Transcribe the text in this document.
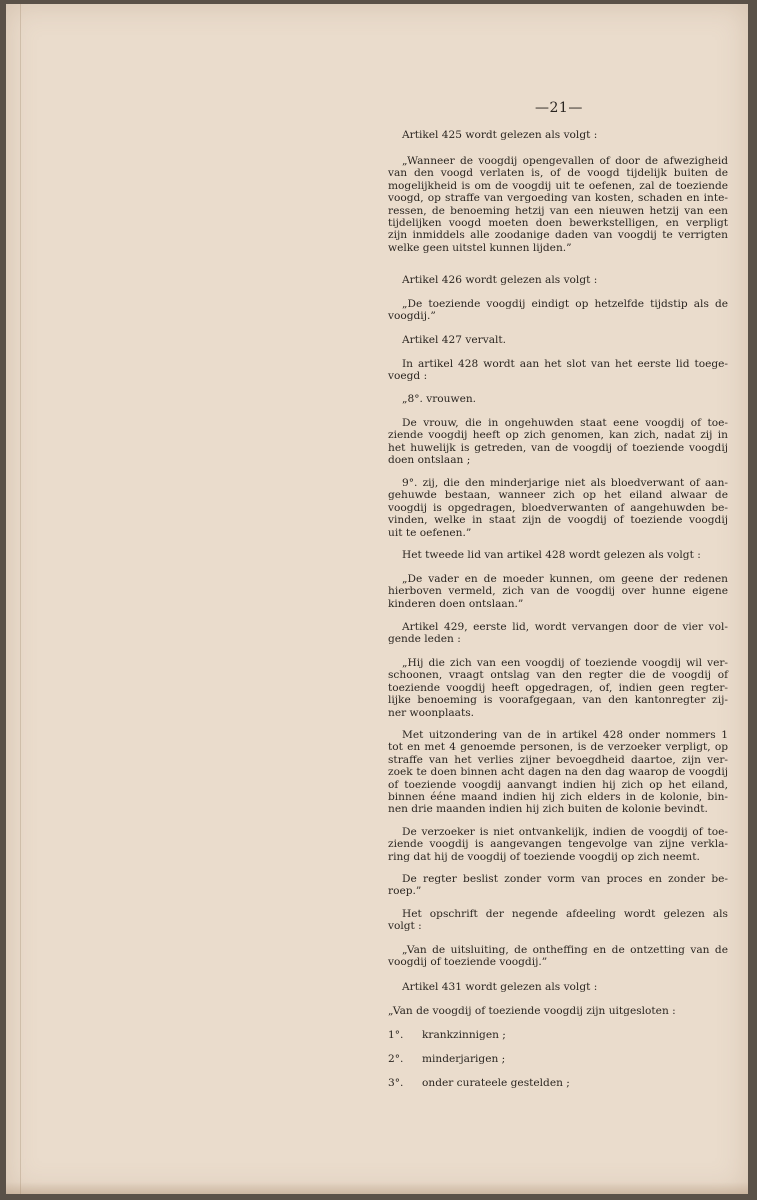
—21—
Artikel 425 wordt gelezen als volgt :
„Wanneer de voogdij opengevallen of door de afwezigheid
van den voogd verlaten is, of de voogd tijdelijk buiten de
mogelijkheid is om de voogdij uit te oefenen, zal de toeziende
voogd, op straffe van vergoeding van kosten, schaden en inte-
ressen, de benoeming hetzij van een nieuwen hetzij van een
tijdelijken voogd moeten doen bewerkstelligen, en verpligt
zijn inmiddels alle zoodanige daden van voogdij te verrigten
welke geen uitstel kunnen lijden.”
Artikel 426 wordt gelezen als volgt :
„De toeziende voogdij eindigt op hetzelfde tijdstip als de
voogdij.”
Artikel 427 vervalt.
In artikel 428 wordt aan het slot van het eerste lid toege-
voegd :
„8°. vrouwen.
De vrouw, die in ongehuwden staat eene voogdij of toe-
ziende voogdij heeft op zich genomen, kan zich, nadat zij in
het huwelijk is getreden, van de voogdij of toeziende voogdij
doen ontslaan ;
9°. zij, die den minderjarige niet als bloedverwant of aan-
gehuwde bestaan, wanneer zich op het eiland alwaar de
voogdij is opgedragen, bloedverwanten of aangehuwden be-
vinden, welke in staat zijn de voogdij of toeziende voogdij
uit te oefenen.”
Het tweede lid van artikel 428 wordt gelezen als volgt :
„De vader en de moeder kunnen, om geene der redenen
hierboven vermeld, zich van de voogdij over hunne eigene
kinderen doen ontslaan.”
Artikel 429, eerste lid, wordt vervangen door de vier vol-
gende leden :
„Hij die zich van een voogdij of toeziende voogdij wil ver-
schoonen, vraagt ontslag van den regter die de voogdij of
toeziende voogdij heeft opgedragen, of, indien geen regter-
lijke benoeming is voorafgegaan, van den kantonregter zij-
ner woonplaats.
Met uitzondering van de in artikel 428 onder nommers 1
tot en met 4 genoemde personen, is de verzoeker verpligt, op
straffe van het verlies zijner bevoegdheid daartoe, zijn ver-
zoek te doen binnen acht dagen na den dag waarop de voogdij
of toeziende voogdij aanvangt indien hij zich op het eiland,
binnen ééne maand indien hij zich elders in de kolonie, bin-
nen drie maanden indien hij zich buiten de kolonie bevindt.
De verzoeker is niet ontvankelijk, indien de voogdij of toe-
ziende voogdij is aangevangen tengevolge van zijne verkla-
ring dat hij de voogdij of toeziende voogdij op zich neemt.
De regter beslist zonder vorm van proces en zonder be-
roep.”
Het opschrift der negende afdeeling wordt gelezen als
volgt :
„Van de uitsluiting, de ontheffing en de ontzetting van de
voogdij of toeziende voogdij.”
Artikel 431 wordt gelezen als volgt :
„Van de voogdij of toeziende voogdij zijn uitgesloten :
1°. krankzinnigen ;
2°. minderjarigen ;
3°. onder curateele gestelden ;
